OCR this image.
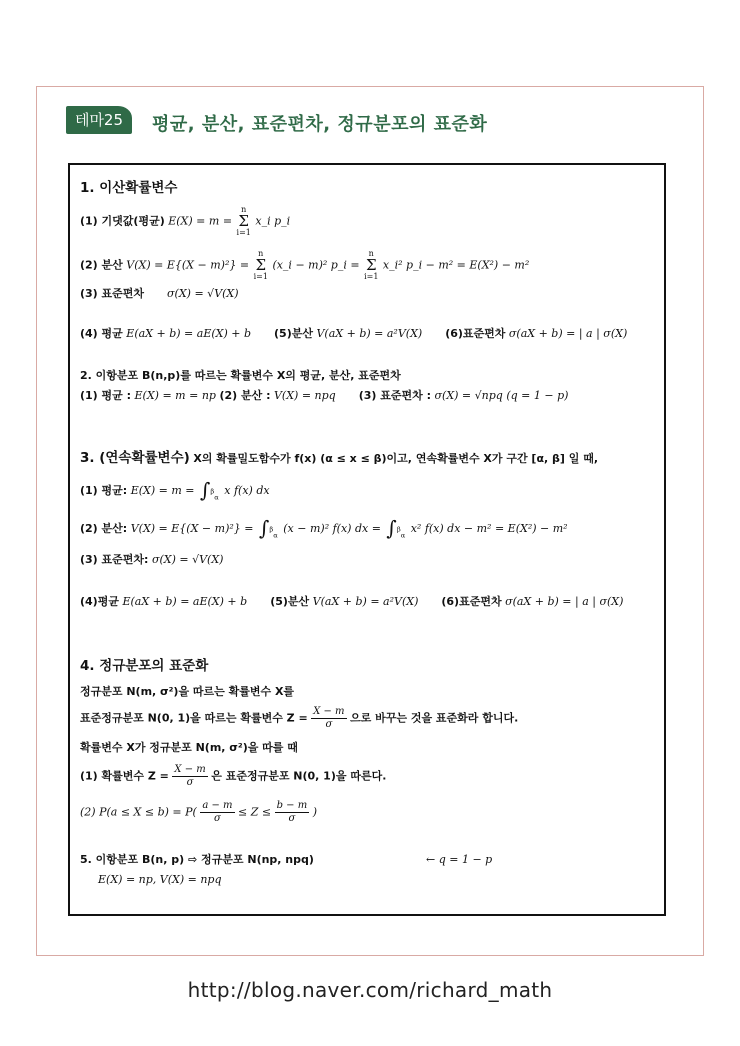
테마25	평균, 분산, 표준편차, 정규분포의 표준화
1. 이산확률변수
(1) 기댓값(평균) E(X) = m = n
Σ
i=1 x_i p_i
(2) 분산 V(X) = E{(X − m)²} = n
Σ
i=1 (x_i − m)² p_i = n
Σ
i=1 x_i² p_i − m² = E(X²) − m²
(3) 표준편차 σ(X) = √V(X)
(4) 평균 E(aX + b) = aE(X) + b (5)분산 V(aX + b) = a²V(X) (6)표준편차 σ(aX + b) = | a | σ(X)
2. 이항분포 B(n,p)를 따르는 확률변수 X의 평균, 분산, 표준편차
(1) 평균 : E(X) = m = np (2) 분산 : V(X) = npq (3) 표준편차 : σ(X) = √npq (q = 1 − p)
3. (연속확률변수) X의 확률밀도함수가 f(x) (α ≤ x ≤ β)이고, 연속확률변수 X가 구간 [α, β] 일 때,
(1) 평균: E(X) = m = ∫$^\beta_\alpha$ x f(x) dx
(2) 분산: V(X) = E{(X − m)²} = ∫$^\beta_\alpha$ (x − m)² f(x) dx = ∫$^\beta_\alpha$ x² f(x) dx − m² = E(X²) − m²
(3) 표준편차: σ(X) = √V(X)
(4)평균 E(aX + b) = aE(X) + b (5)분산 V(aX + b) = a²V(X) (6)표준편차 σ(aX + b) = | a | σ(X)
4. 정규분포의 표준화
정규분포 N(m, σ²)을 따르는 확률변수 X를
표준정규분포 N(0, 1)을 따르는 확률변수 $Z = \frac{X - m}{\sigma}$ 으로 바꾸는 것을 표준화라 합니다.
확률변수 X가 정규분포 N(m, σ²)을 따를 때
(1) 확률변수 $Z = \frac{X - m}{\sigma}$ 은 표준정규분포 N(0, 1)을 따른다.
(2) $P(a \le X \le b) = P( \frac{a - m}{\sigma} \le Z \le \frac{b - m}{\sigma}$ )
5. 이항분포 B(n, p) ⇨ 정규분포 N(np, npq)	← q = 1 − p
E(X) = np, V(X) = npq
http://blog.naver.com/richard_math
